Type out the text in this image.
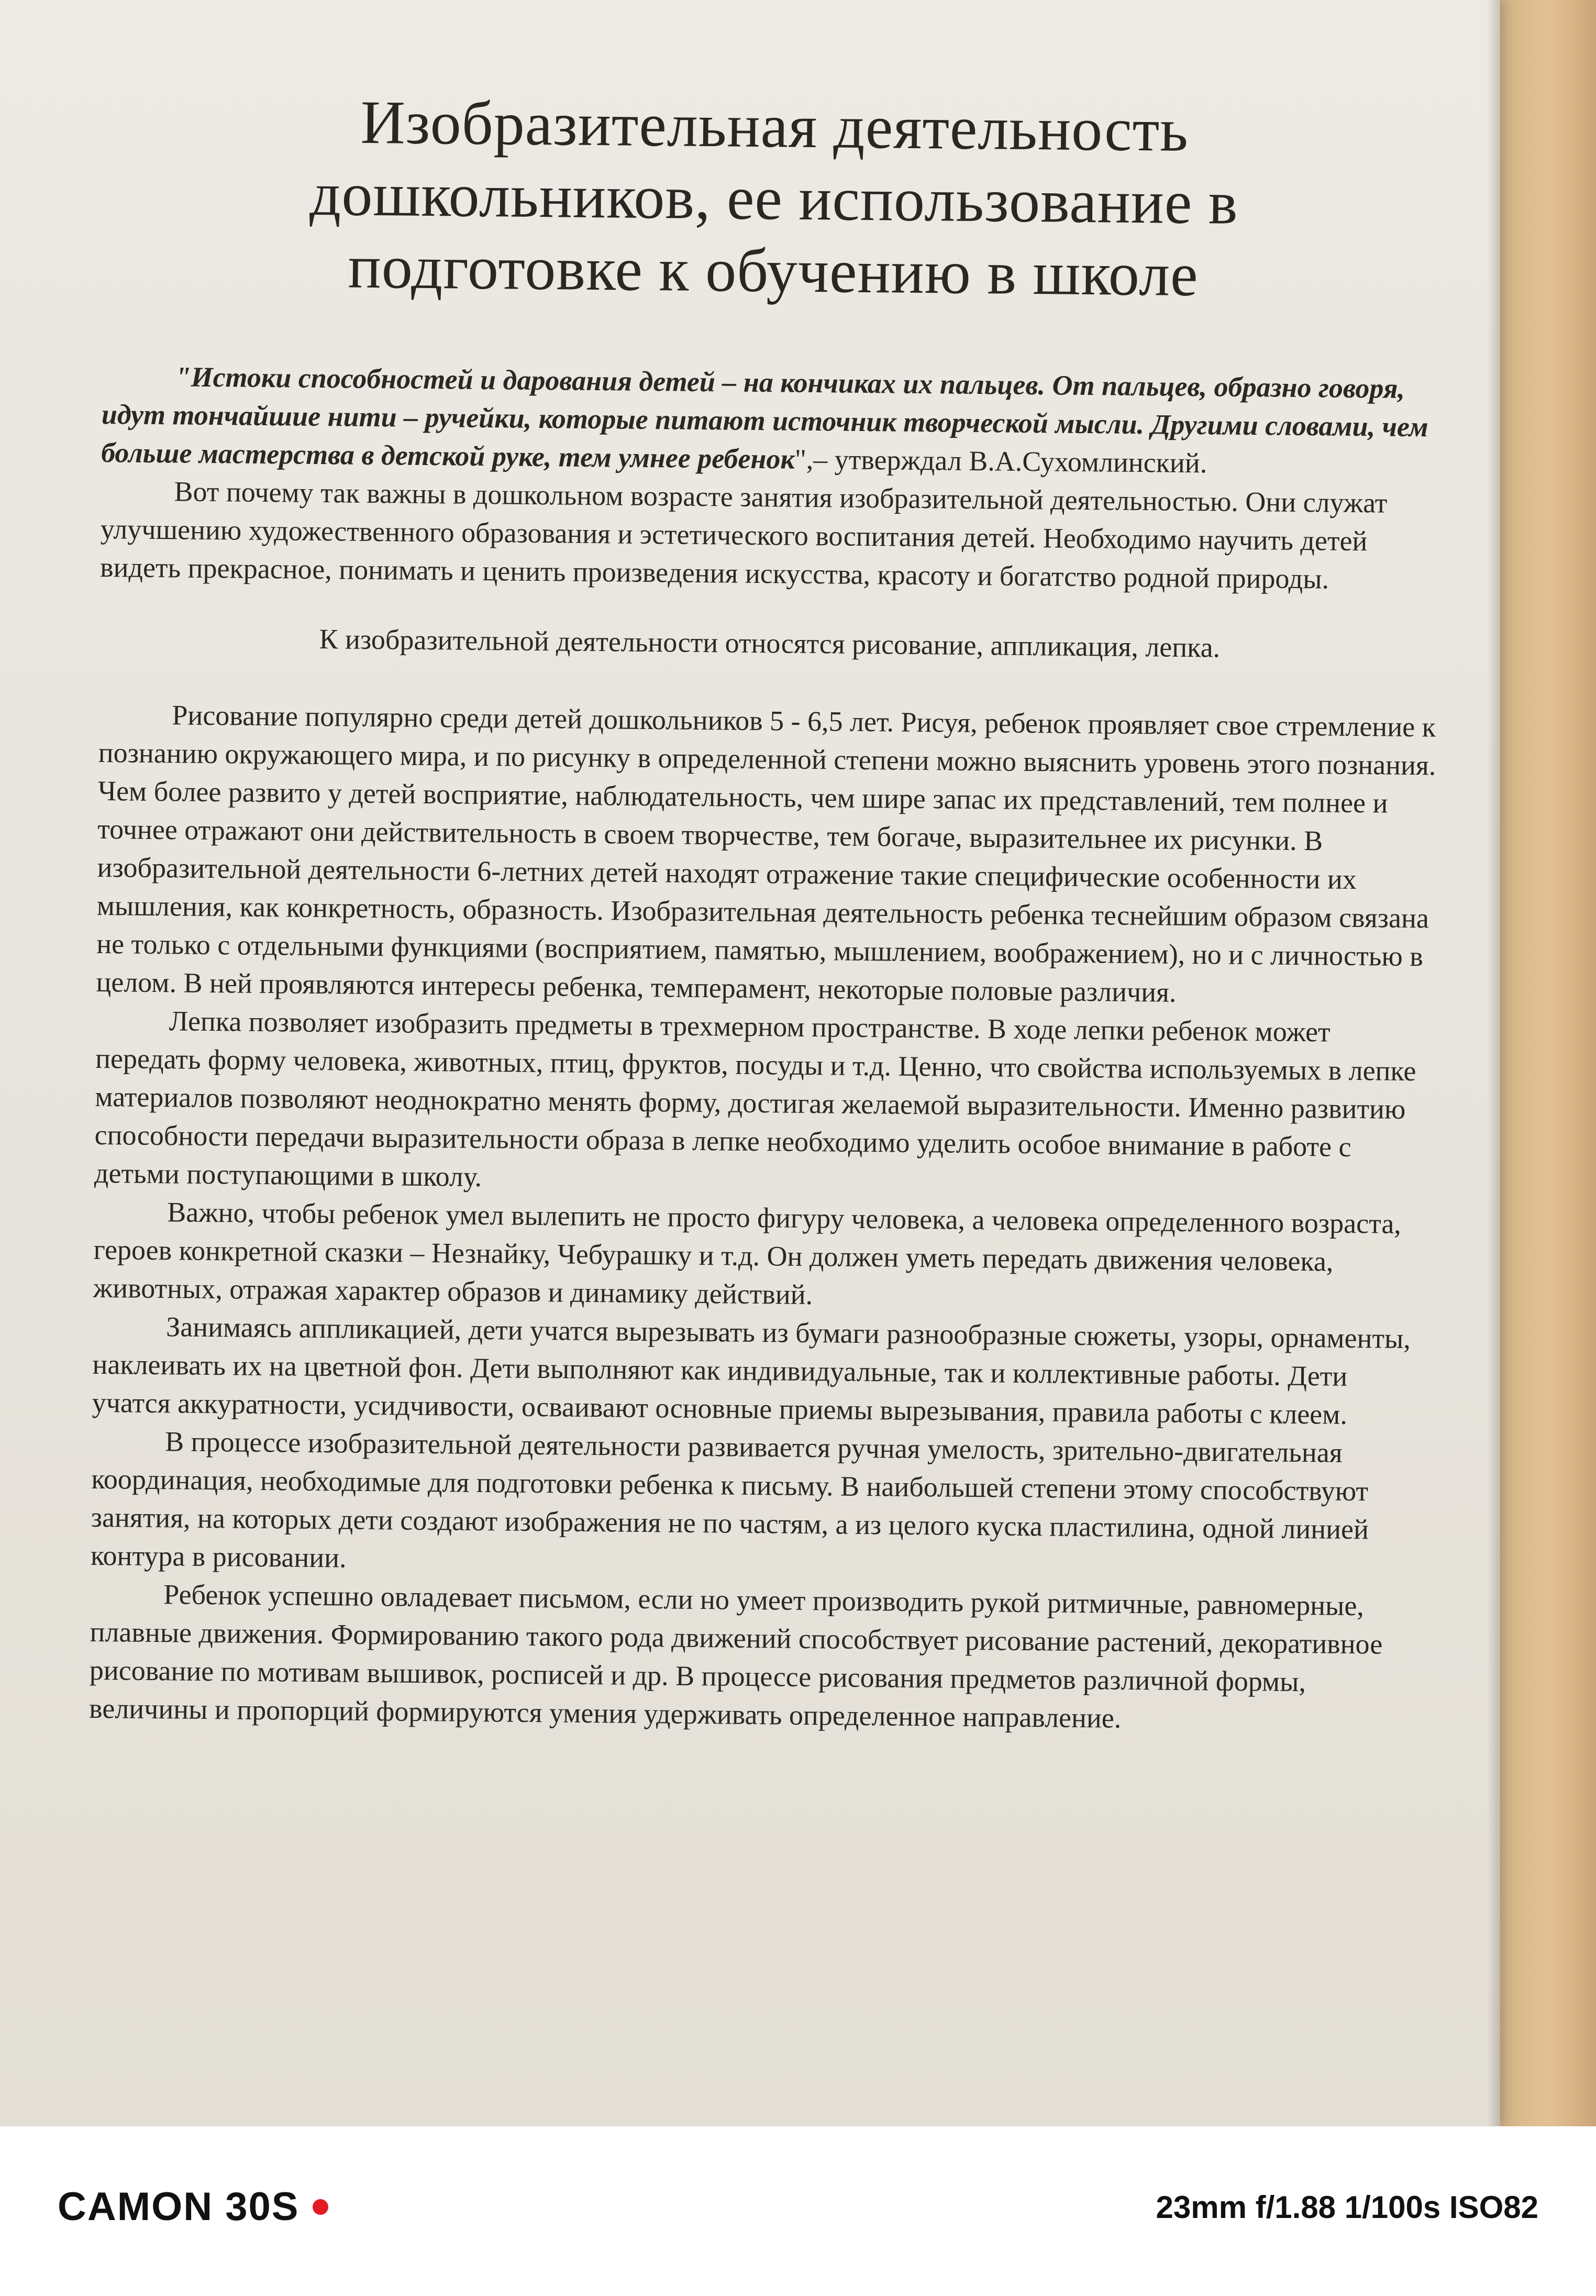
Изобразительная деятельность
дошкольников, ее использование в
подготовке к обучению в школе

"Истоки способностей и дарования детей – на кончиках их пальцев. От пальцев, образно говоря, идут тончайшие нити – ручейки, которые питают источник творческой мысли. Другими словами, чем больше мастерства в детской руке, тем умнее ребенок",– утверждал В.А.Сухомлинский.

Вот почему так важны в дошкольном возрасте занятия изобразительной деятельностью. Они служат улучшению художественного образования и эстетического воспитания детей. Необходимо научить детей видеть прекрасное, понимать и ценить произведения искусства, красоту и богатство родной природы.

К изобразительной деятельности относятся рисование, аппликация, лепка.

Рисование популярно среди детей дошкольников 5 - 6,5 лет. Рисуя, ребенок проявляет свое стремление к познанию окружающего мира, и по рисунку в определенной степени можно выяснить уровень этого познания. Чем более развито у детей восприятие, наблюдательность, чем шире запас их представлений, тем полнее и точнее отражают они действительность в своем творчестве, тем богаче, выразительнее их рисунки. В изобразительной деятельности 6-летних детей находят отражение такие специфические особенности их мышления, как конкретность, образность. Изобразительная деятельность ребенка теснейшим образом связана не только с отдельными функциями (восприятием, памятью, мышлением, воображением), но и с личностью в целом. В ней проявляются интересы ребенка, темперамент, некоторые половые различия.

Лепка позволяет изобразить предметы в трехмерном пространстве. В ходе лепки ребенок может передать форму человека, животных, птиц, фруктов, посуды и т.д. Ценно, что свойства используемых в лепке материалов позволяют неоднократно менять форму, достигая желаемой выразительности. Именно развитию способности передачи выразительности образа в лепке необходимо уделить особое внимание в работе с детьми поступающими в школу.

Важно, чтобы ребенок умел вылепить не просто фигуру человека, а человека определенного возраста, героев конкретной сказки – Незнайку, Чебурашку и т.д. Он должен уметь передать движения человека, животных, отражая характер образов и динамику действий.

Занимаясь аппликацией, дети учатся вырезывать из бумаги разнообразные сюжеты, узоры, орнаменты, наклеивать их на цветной фон. Дети выполняют как индивидуальные, так и коллективные работы. Дети учатся аккуратности, усидчивости, осваивают основные приемы вырезывания, правила работы с клеем.

В процессе изобразительной деятельности развивается ручная умелость, зрительно-двигательная координация, необходимые для подготовки ребенка к письму. В наибольшей степени этому способствуют занятия, на которых дети создают изображения не по частям, а из целого куска пластилина, одной линией контура в рисовании.

Ребенок успешно овладевает письмом, если но умеет производить рукой ритмичные, равномерные, плавные движения. Формированию такого рода движений способствует рисование растений, декоративное рисование по мотивам вышивок, росписей и др. В процессе рисования предметов различной формы, величины и пропорций формируются умения удерживать определенное направление.

CAMON 30S	23mm f/1.88 1/100s ISO82
